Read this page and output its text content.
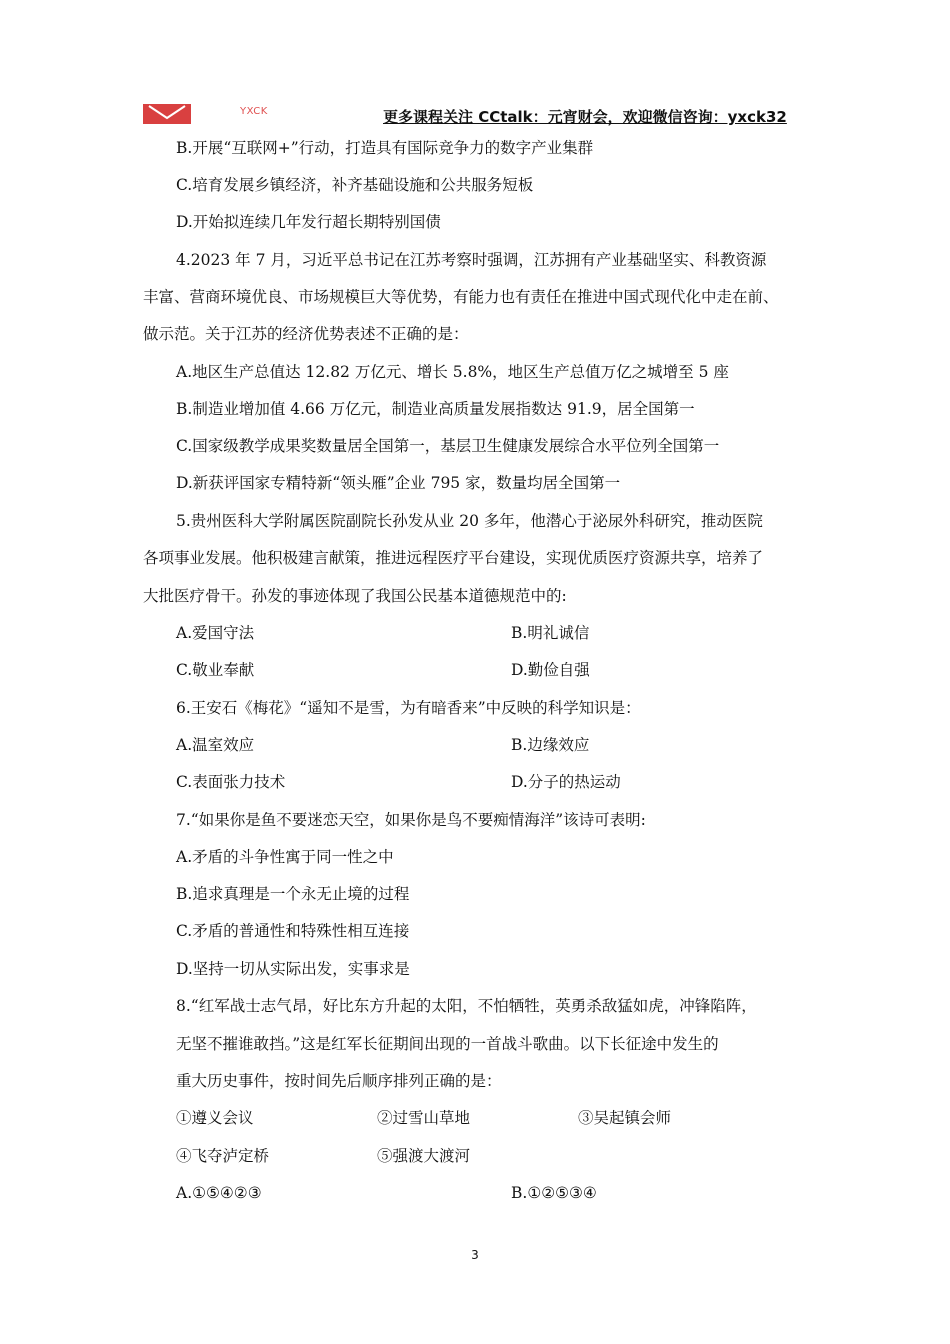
YXCK	更多课程关注 CCtalk：元宵财会，欢迎微信咨询：yxck32
B.开展“互联网+”行动，打造具有国际竞争力的数字产业集群
C.培育发展乡镇经济，补齐基础设施和公共服务短板
D.开始拟连续几年发行超长期特别国债
4.2023 年 7 月，习近平总书记在江苏考察时强调，江苏拥有产业基础坚实、科教资源
丰富、营商环境优良、市场规模巨大等优势，有能力也有责任在推进中国式现代化中走在前、
做示范。关于江苏的经济优势表述不正确的是：
A.地区生产总值达 12.82 万亿元、增长 5.8%，地区生产总值万亿之城增至 5 座
B.制造业增加值 4.66 万亿元，制造业高质量发展指数达 91.9，居全国第一
C.国家级教学成果奖数量居全国第一，基层卫生健康发展综合水平位列全国第一
D.新获评国家专精特新“领头雁”企业 795 家，数量均居全国第一
5.贵州医科大学附属医院副院长孙发从业 20 多年，他潜心于泌尿外科研究，推动医院
各项事业发展。他积极建言献策，推进远程医疗平台建设，实现优质医疗资源共享，培养了
大批医疗骨干。孙发的事迹体现了我国公民基本道德规范中的:
A.爱国守法	B.明礼诚信
C.敬业奉献	D.勤俭自强
6.王安石《梅花》“遥知不是雪，为有暗香来”中反映的科学知识是：
A.温室效应	B.边缘效应
C.表面张力技术	D.分子的热运动
7.“如果你是鱼不要迷恋天空，如果你是鸟不要痴情海洋”该诗可表明:
A.矛盾的斗争性寓于同一性之中
B.追求真理是一个永无止境的过程
C.矛盾的普通性和特殊性相互连接
D.坚持一切从实际出发，实事求是
8.“红军战士志气昂，好比东方升起的太阳，不怕牺牲，英勇杀敌猛如虎，冲锋陷阵，
无坚不摧谁敢挡。”这是红军长征期间出现的一首战斗歌曲。以下长征途中发生的
重大历史事件，按时间先后顺序排列正确的是：
①遵义会议	②过雪山草地	③吴起镇会师
④飞夺泸定桥	⑤强渡大渡河
A.①⑤④②③	B.①②⑤③④
3
